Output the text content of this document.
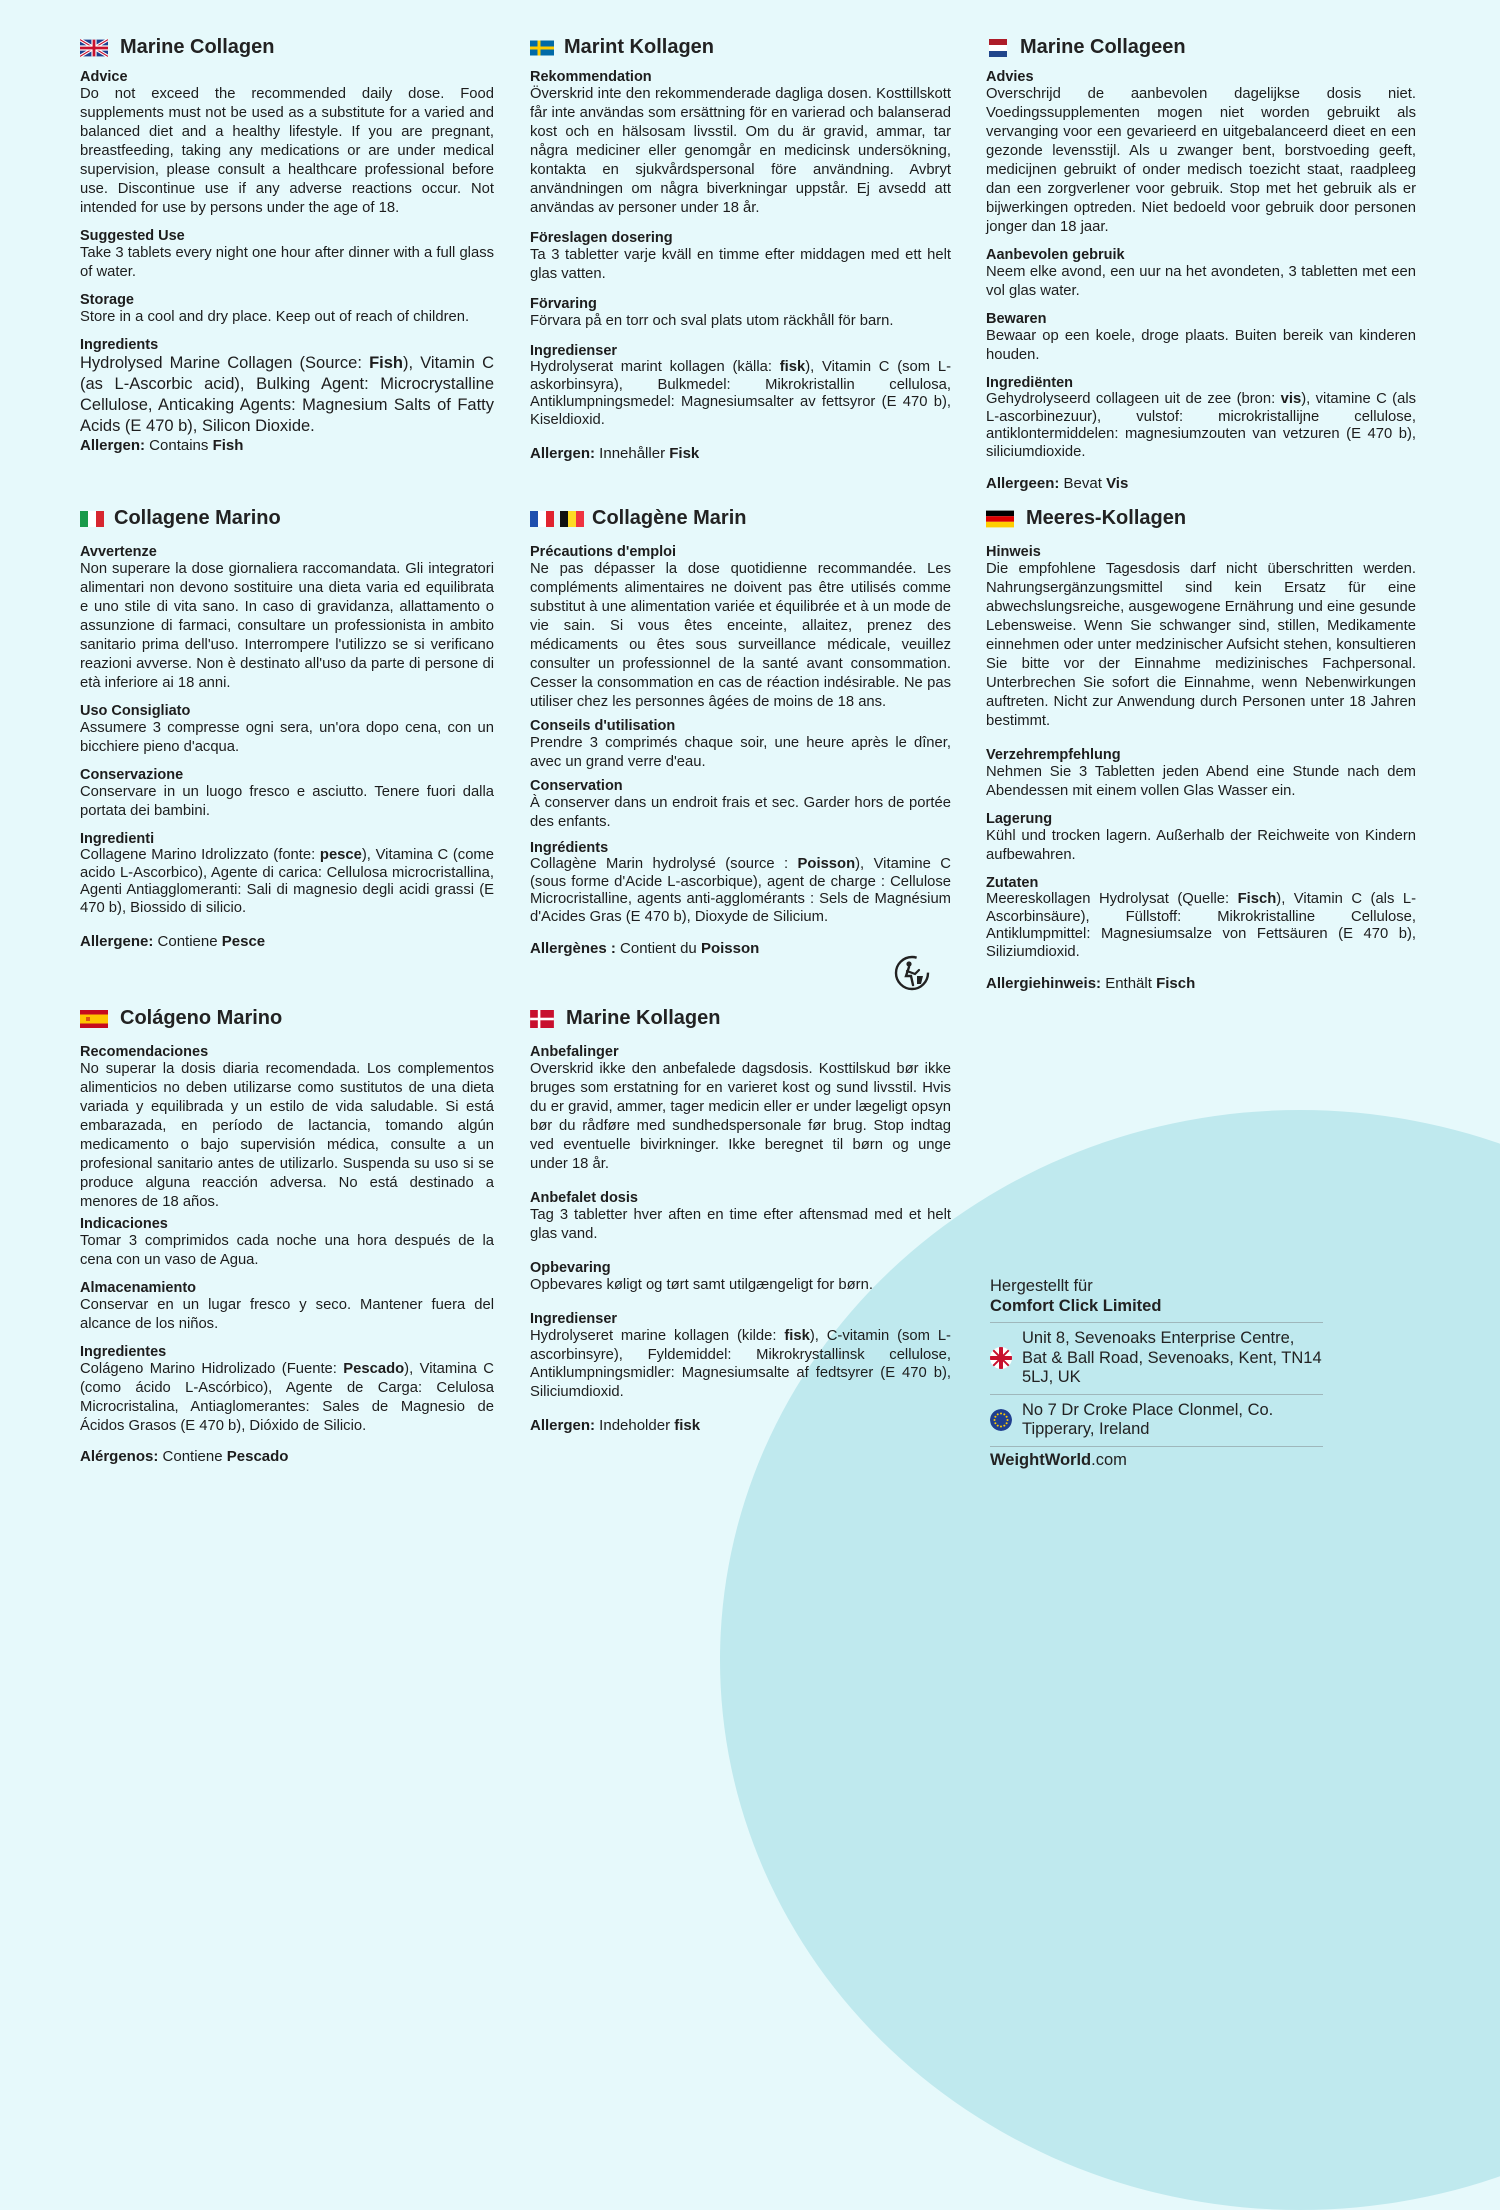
Marine Collagen
Advice

Do not exceed the recommended daily dose. Food supplements must not be used as a substitute for a varied and balanced diet and a healthy lifestyle. If you are pregnant, breastfeeding, taking any medications or are under medical supervision, please consult a healthcare professional before use. Discontinue use if any adverse reactions occur. Not intended for use by persons under the age of 18.

Suggested Use

Take 3 tablets every night one hour after dinner with a full glass of water.

Storage

Store in a cool and dry place. Keep out of reach of children.

Ingredients

Hydrolysed Marine Collagen (Source: Fish), Vitamin C (as L-Ascorbic acid), Bulking Agent: Microcrystalline Cellulose, Anticaking Agents: Magnesium Salts of Fatty Acids (E 470 b), Silicon Dioxide.

Allergen: Contains Fish
Collagene Marino
Avvertenze

Non superare la dose giornaliera raccomandata. Gli integratori alimentari non devono sostituire una dieta varia ed equilibrata e uno stile di vita sano. In caso di gravidanza, allattamento o assunzione di farmaci, consultare un professionista in ambito sanitario prima dell'uso. Interrompere l'utilizzo se si verificano reazioni avverse. Non è destinato all'uso da parte di persone di età inferiore ai 18 anni.

Uso Consigliato

Assumere 3 compresse ogni sera, un'ora dopo cena, con un bicchiere pieno d'acqua.

Conservazione

Conservare in un luogo fresco e asciutto. Tenere fuori dalla portata dei bambini.

Ingredienti

Collagene Marino Idrolizzato (fonte: pesce), Vitamina C (come acido L-Ascorbico), Agente di carica: Cellulosa microcristallina, Agenti Antiagglomeranti: Sali di magnesio degli acidi grassi (E 470 b), Biossido di silicio.

Allergene: Contiene Pesce
Colágeno Marino
Recomendaciones

No superar la dosis diaria recomendada. Los complementos alimenticios no deben utilizarse como sustitutos de una dieta variada y equilibrada y un estilo de vida saludable. Si está embarazada, en período de lactancia, tomando algún medicamento o bajo supervisión médica, consulte a un profesional sanitario antes de utilizarlo. Suspenda su uso si se produce alguna reacción adversa. No está destinado a menores de 18 años.

Indicaciones

Tomar 3 comprimidos cada noche una hora después de la cena con un vaso de Agua.

Almacenamiento

Conservar en un lugar fresco y seco. Mantener fuera del alcance de los niños.

Ingredientes

Colágeno Marino Hidrolizado (Fuente: Pescado), Vitamina C (como ácido L-Ascórbico), Agente de Carga: Celulosa Microcristalina, Antiaglomerantes: Sales de Magnesio de Ácidos Grasos (E 470 b), Dióxido de Silicio.

Alérgenos: Contiene Pescado
Marint Kollagen
Rekommendation

Överskrid inte den rekommenderade dagliga dosen. Kosttillskott får inte användas som ersättning för en varierad och balanserad kost och en hälsosam livsstil. Om du är gravid, ammar, tar några mediciner eller genomgår en medicinsk undersökning, kontakta en sjukvårdspersonal före användning. Avbryt användningen om några biverkningar uppstår. Ej avsedd att användas av personer under 18 år.

Föreslagen dosering

Ta 3 tabletter varje kväll en timme efter middagen med ett helt glas vatten.

Förvaring

Förvara på en torr och sval plats utom räckhåll för barn.

Ingredienser

Hydrolyserat marint kollagen (källa: fisk), Vitamin C (som L-askorbinsyra), Bulkmedel: Mikrokristallin cellulosa, Antiklumpningsmedel: Magnesiumsalter av fettsyror (E 470 b), Kiseldioxid.

Allergen: Innehåller Fisk
Collagène Marin
Précautions d'emploi

Ne pas dépasser la dose quotidienne recommandée. Les compléments alimentaires ne doivent pas être utilisés comme substitut à une alimentation variée et équilibrée et à un mode de vie sain. Si vous êtes enceinte, allaitez, prenez des médicaments ou êtes sous surveillance médicale, veuillez consulter un professionnel de la santé avant consommation. Cesser la consommation en cas de réaction indésirable. Ne pas utiliser chez les personnes âgées de moins de 18 ans.

Conseils d'utilisation

Prendre 3 comprimés chaque soir, une heure après le dîner, avec un grand verre d'eau.

Conservation

À conserver dans un endroit frais et sec. Garder hors de portée des enfants.

Ingrédients

Collagène Marin hydrolysé (source : Poisson), Vitamine C (sous forme d'Acide L-ascorbique), agent de charge : Cellulose Microcristalline, agents anti-agglomérants : Sels de Magnésium d'Acides Gras (E 470 b), Dioxyde de Silicium.

Allergènes : Contient du Poisson
Marine Kollagen
Anbefalinger

Overskrid ikke den anbefalede dagsdosis. Kosttilskud bør ikke bruges som erstatning for en varieret kost og sund livsstil. Hvis du er gravid, ammer, tager medicin eller er under lægeligt opsyn bør du rådføre med sundhedspersonale før brug. Stop indtag ved eventuelle bivirkninger. Ikke beregnet til børn og unge under 18 år.

Anbefalet dosis

Tag 3 tabletter hver aften en time efter aftensmad med et helt glas vand.

Opbevaring

Opbevares køligt og tørt samt utilgængeligt for børn.

Ingredienser

Hydrolyseret marine kollagen (kilde: fisk), C-vitamin (som L-ascorbinsyre), Fyldemiddel: Mikrokrystallinsk cellulose, Antiklumpningsmidler: Magnesiumsalte af fedtsyrer (E 470 b), Siliciumdioxid.

Allergen: Indeholder fisk
Marine Collageen
Advies

Overschrijd de aanbevolen dagelijkse dosis niet. Voedingssupplementen mogen niet worden gebruikt als vervanging voor een gevarieerd en uitgebalanceerd dieet en een gezonde levensstijl. Als u zwanger bent, borstvoeding geeft, medicijnen gebruikt of onder medisch toezicht staat, raadpleeg dan een zorgverlener voor gebruik. Stop met het gebruik als er bijwerkingen optreden. Niet bedoeld voor gebruik door personen jonger dan 18 jaar.

Aanbevolen gebruik

Neem elke avond, een uur na het avondeten, 3 tabletten met een vol glas water.

Bewaren

Bewaar op een koele, droge plaats. Buiten bereik van kinderen houden.

Ingrediënten

Gehydrolyseerd collageen uit de zee (bron: vis), vitamine C (als L-ascorbinezuur), vulstof: microkristallijne cellulose, antiklontermiddelen: magnesiumzouten van vetzuren (E 470 b), siliciumdioxide.

Allergeen: Bevat Vis
Meeres-Kollagen
Hinweis

Die empfohlene Tagesdosis darf nicht überschritten werden. Nahrungsergänzungsmittel sind kein Ersatz für eine abwechslungsreiche, ausgewogene Ernährung und eine gesunde Lebensweise. Wenn Sie schwanger sind, stillen, Medikamente einnehmen oder unter medzinischer Aufsicht stehen, konsultieren Sie bitte vor der Einnahme medizinisches Fachpersonal. Unterbrechen Sie sofort die Einnahme, wenn Nebenwirkungen auftreten. Nicht zur Anwendung durch Personen unter 18 Jahren bestimmt.

Verzehrempfehlung

Nehmen Sie 3 Tabletten jeden Abend eine Stunde nach dem Abendessen mit einem vollen Glas Wasser ein.

Lagerung

Kühl und trocken lagern. Außerhalb der Reichweite von Kindern aufbewahren.

Zutaten

Meereskollagen Hydrolysat (Quelle: Fisch), Vitamin C (als L-Ascorbinsäure), Füllstoff: Mikrokristalline Cellulose, Antiklumpmittel: Magnesiumsalze von Fettsäuren (E 470 b), Siliziumdioxid.

Allergiehinweis: Enthält Fisch
Hergestellt für
Comfort Click Limited
Unit 8, Sevenoaks Enterprise Centre, Bat & Ball Road, Sevenoaks, Kent, TN14 5LJ, UK
No 7 Dr Croke Place Clonmel, Co. Tipperary, Ireland
WeightWorld.com
